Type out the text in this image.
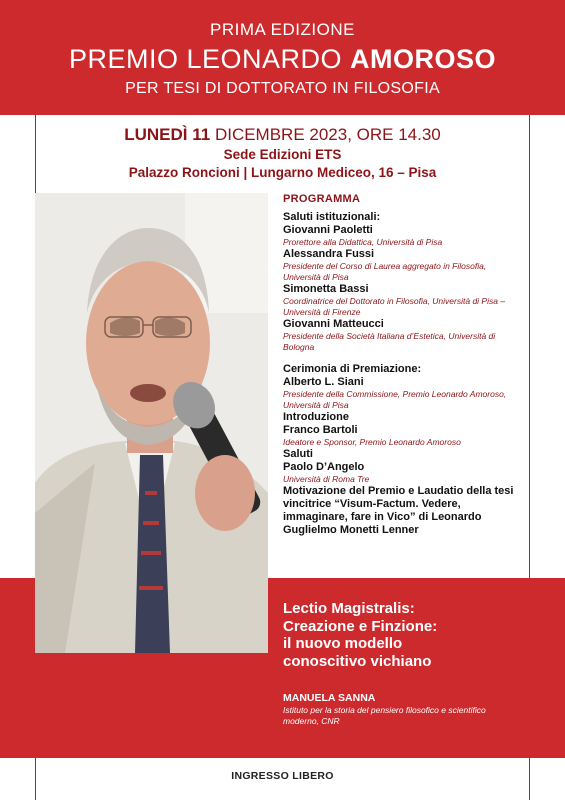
PRIMA EDIZIONE
PREMIO LEONARDO AMOROSO
PER TESI DI DOTTORATO IN FILOSOFIA
LUNEDÌ 11 DICEMBRE 2023, ORE 14.30
Sede Edizioni ETS
Palazzo Roncioni | Lungarno Mediceo, 16 – Pisa
PROGRAMMA
Saluti istituzionali:
Giovanni Paoletti
Prorettore alla Didattica, Università di Pisa
Alessandra Fussi
Presidente del Corso di Laurea aggregato in Filosofia, Università di Pisa
Simonetta Bassi
Coordinatrice del Dottorato in Filosofia, Università di Pisa – Università di Firenze
Giovanni Matteucci
Presidente della Società Italiana d’Estetica, Università di Bologna
Cerimonia di Premiazione:
Alberto L. Siani
Presidente della Commissione, Premio Leonardo Amoroso, Università di Pisa
Introduzione
Franco Bartoli
Ideatore e Sponsor, Premio Leonardo Amoroso
Saluti
Paolo D’Angelo
Università di Roma Tre
Motivazione del Premio e Laudatio della tesi vincitrice “Visum-Factum. Vedere, immaginare, fare in Vico” di Leonardo Guglielmo Monetti Lenner
Lectio Magistralis:
Creazione e Finzione:
il nuovo modello
conoscitivo vichiano
MANUELA SANNA
Istituto per la storia del pensiero filosofico e scientifico moderno, CNR
INGRESSO LIBERO
